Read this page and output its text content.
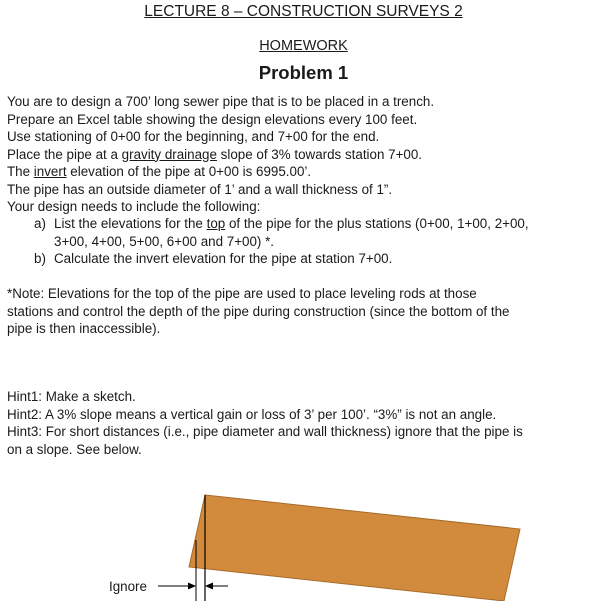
LECTURE 8 – CONSTRUCTION SURVEYS 2
HOMEWORK
Problem 1
You are to design a 700’ long sewer pipe that is to be placed in a trench.
Prepare an Excel table showing the design elevations every 100 feet.
Use stationing of 0+00 for the beginning, and 7+00 for the end.
Place the pipe at a gravity drainage slope of 3% towards station 7+00.
The invert elevation of the pipe at 0+00 is 6995.00’.
The pipe has an outside diameter of 1’ and a wall thickness of 1”.
Your design needs to include the following:
a) List the elevations for the top of the pipe for the plus stations (0+00, 1+00, 2+00,
3+00, 4+00, 5+00, 6+00 and 7+00) *.
b) Calculate the invert elevation for the pipe at station 7+00.
*Note: Elevations for the top of the pipe are used to place leveling rods at those
stations and control the depth of the pipe during construction (since the bottom of the
pipe is then inaccessible).
Hint1: Make a sketch.
Hint2: A 3% slope means a vertical gain or loss of 3’ per 100’. “3%” is not an angle.
Hint3: For short distances (i.e., pipe diameter and wall thickness) ignore that the pipe is
on a slope. See below.
Ignore
